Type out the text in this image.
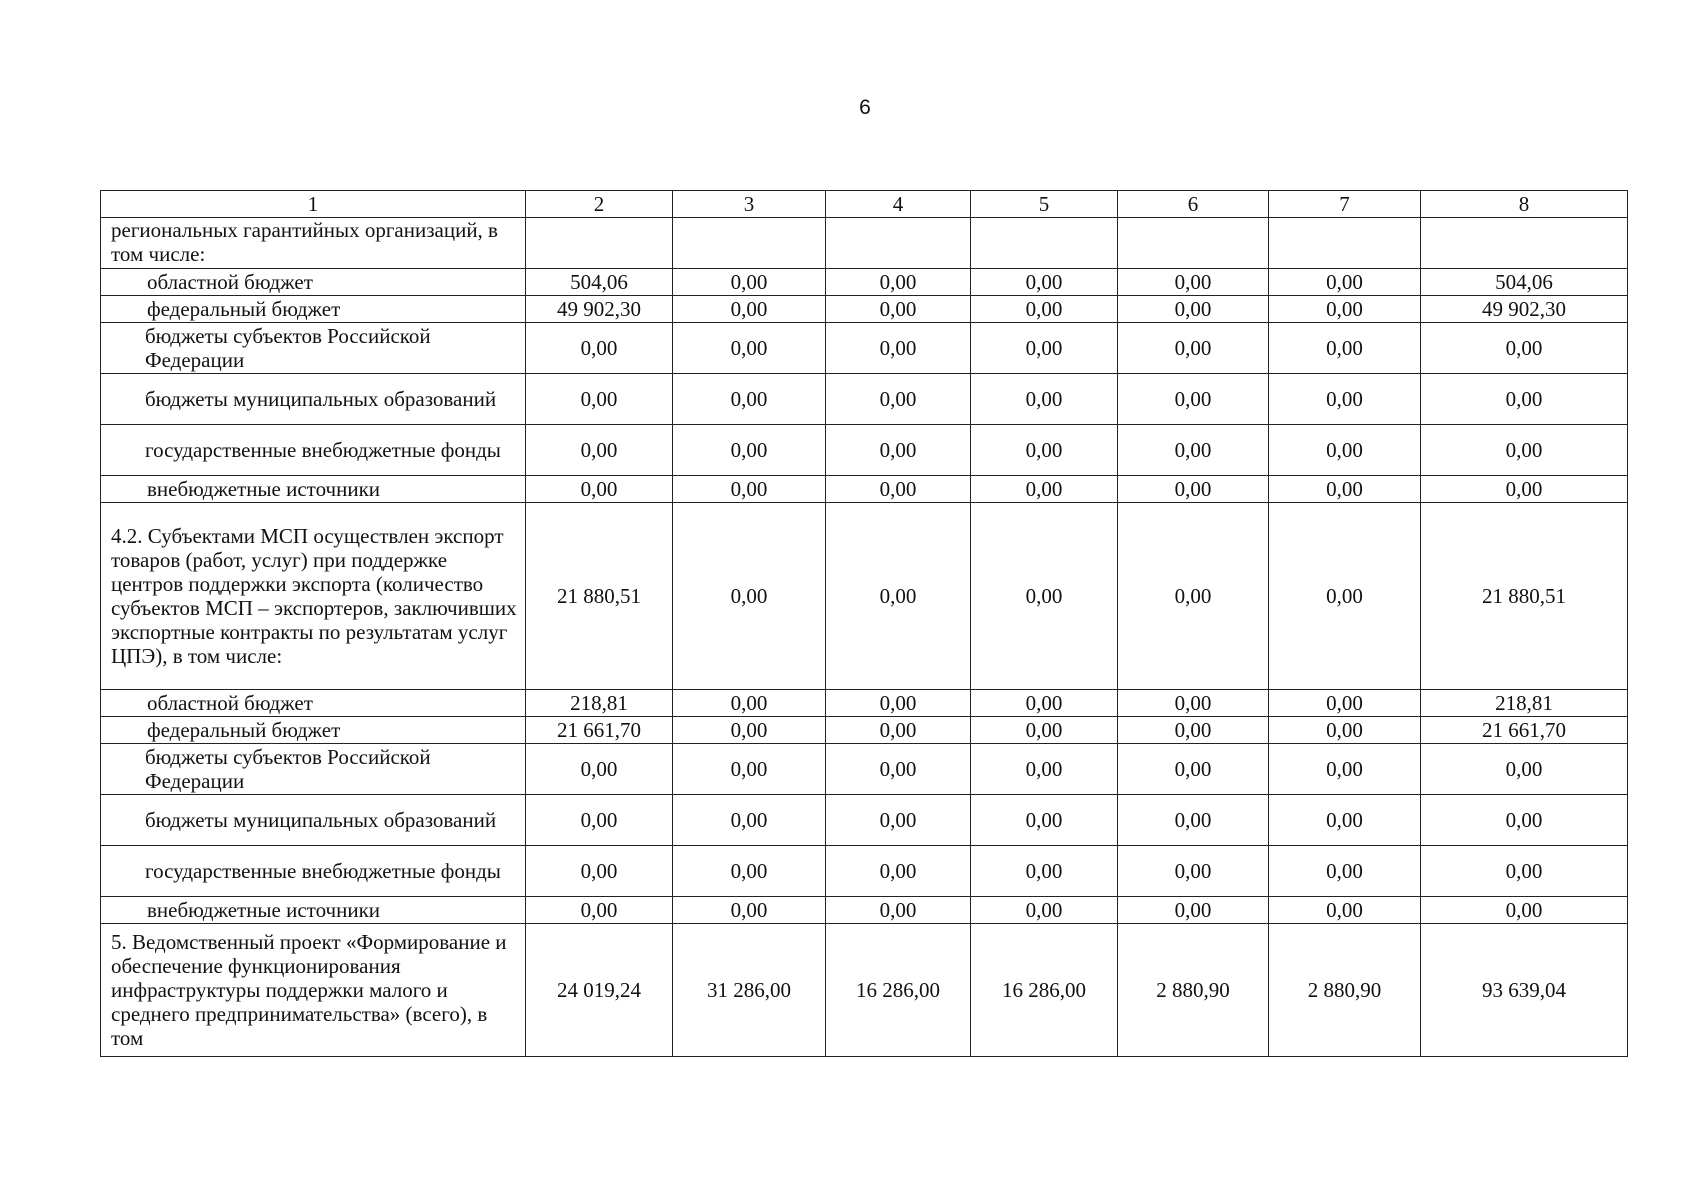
6
1	2	3	4	5	6	7	8
региональных гарантийных организаций, в том числе:							
областной бюджет	504,06	0,00	0,00	0,00	0,00	0,00	504,06
федеральный бюджет	49 902,30	0,00	0,00	0,00	0,00	0,00	49 902,30
бюджеты субъектов Российской Федерации	0,00	0,00	0,00	0,00	0,00	0,00	0,00
бюджеты муниципальных образований	0,00	0,00	0,00	0,00	0,00	0,00	0,00
государственные внебюджетные фонды	0,00	0,00	0,00	0,00	0,00	0,00	0,00
внебюджетные источники	0,00	0,00	0,00	0,00	0,00	0,00	0,00
4.2. Субъектами МСП осуществлен экспорт товаров (работ, услуг) при поддержке центров поддержки экспорта (количество субъектов МСП – экспортеров, заключивших экспортные контракты по результатам услуг ЦПЭ), в том числе:	21 880,51	0,00	0,00	0,00	0,00	0,00	21 880,51
областной бюджет	218,81	0,00	0,00	0,00	0,00	0,00	218,81
федеральный бюджет	21 661,70	0,00	0,00	0,00	0,00	0,00	21 661,70
бюджеты субъектов Российской Федерации	0,00	0,00	0,00	0,00	0,00	0,00	0,00
бюджеты муниципальных образований	0,00	0,00	0,00	0,00	0,00	0,00	0,00
государственные внебюджетные фонды	0,00	0,00	0,00	0,00	0,00	0,00	0,00
внебюджетные источники	0,00	0,00	0,00	0,00	0,00	0,00	0,00
5. Ведомственный проект «Формирование и обеспечение функционирования инфраструктуры поддержки малого и среднего предпринимательства» (всего), в том	24 019,24	31 286,00	16 286,00	16 286,00	2 880,90	2 880,90	93 639,04
